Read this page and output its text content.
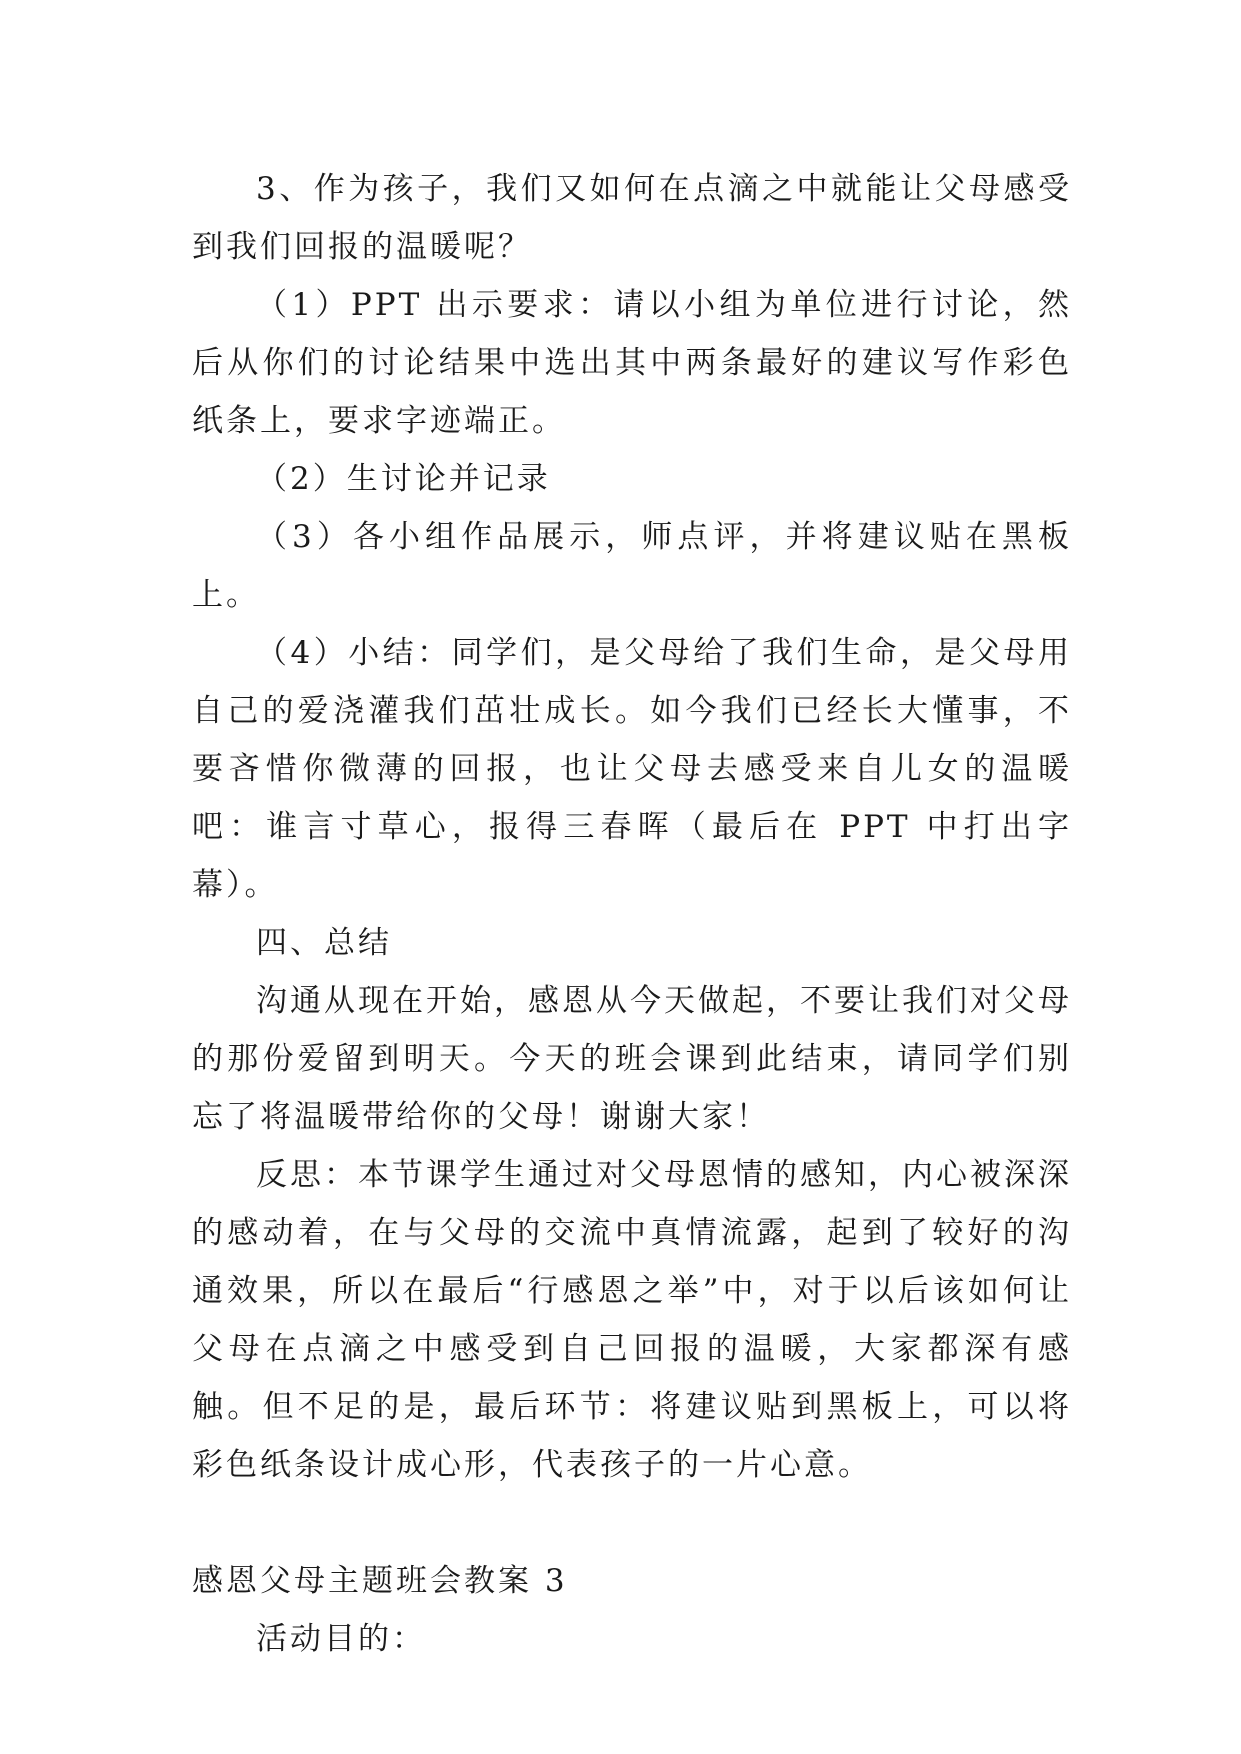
3、作为孩子，我们又如何在点滴之中就能让父母感受到我们回报的温暖呢？

（1）PPT 出示要求：请以小组为单位进行讨论，然后从你们的讨论结果中选出其中两条最好的建议写作彩色纸条上，要求字迹端正。

（2）生讨论并记录

（3）各小组作品展示，师点评，并将建议贴在黑板上。

（4）小结：同学们，是父母给了我们生命，是父母用自己的爱浇灌我们茁壮成长。如今我们已经长大懂事，不要吝惜你微薄的回报，也让父母去感受来自儿女的温暖吧：谁言寸草心，报得三春晖（最后在 PPT 中打出字幕）。

四、总结

沟通从现在开始，感恩从今天做起，不要让我们对父母的那份爱留到明天。今天的班会课到此结束，请同学们别忘了将温暖带给你的父母！谢谢大家！

反思：本节课学生通过对父母恩情的感知，内心被深深的感动着，在与父母的交流中真情流露，起到了较好的沟通效果，所以在最后“行感恩之举”中，对于以后该如何让父母在点滴之中感受到自己回报的温暖，大家都深有感触。但不足的是，最后环节：将建议贴到黑板上，可以将彩色纸条设计成心形，代表孩子的一片心意。

感恩父母主题班会教案 3

活动目的：
